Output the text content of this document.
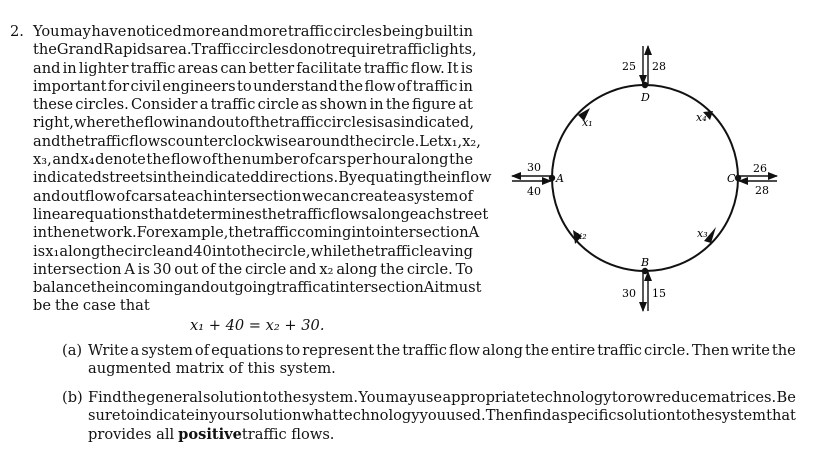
2. You may have noticed more and more traffic circles being built in
the Grand Rapids area. Traffic circles do not require traffic lights,
and in lighter traffic areas can better facilitate traffic flow. It is
important for civil engineers to understand the flow of traffic in
these circles. Consider a traffic circle as shown in the figure at
right, where the flow in and out of the traffic circles is as indicated,
and the traffic flows counterclockwise around the circle. Let x₁, x₂,
x₃, and x₄ denote the flow of the number of cars per hour along the
indicated streets in the indicated directions. By equating the inflow
and outflow of cars at each intersection we can create a system of
linear equations that determines the traffic flows along each street
in the network. For example, the traffic coming into intersection A
is x₁ along the circle and 40 into the circle, while the traffic leaving
intersection A is 30 out of the circle and x₂ along the circle. To
balance the incoming and outgoing traffic at intersection A it must
be the case that
x₁ + 40 = x₂ + 30.
(a) Write a system of equations to represent the traffic flow along the entire traffic circle. Then write the
augmented matrix of this system.
(b) Find the general solution to the system. You may use appropriate technology to row reduce matrices. Be
sure to indicate in your solution what technology you used. Then find a specific solution to the system that
provides all positive traffic flows.
A
B
C
D
x₁
x₂	x₃
x₄
30
40
30 15
26
28
25 28
